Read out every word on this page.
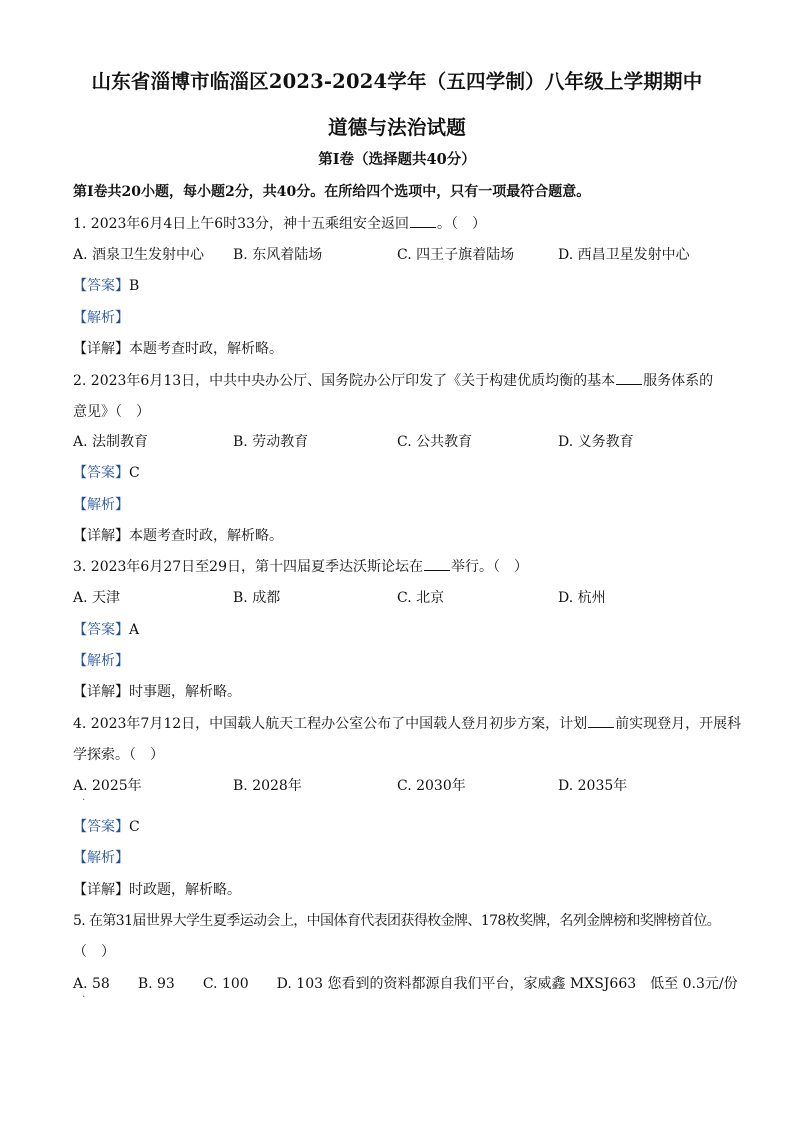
山东省淄博市临淄区2023-2024学年（五四学制）八年级上学期期中
道德与法治试题
第Ⅰ卷（选择题共40分）
第Ⅰ卷共20小题，每小题2分，共40分。在所给四个选项中，只有一项最符合题意。
1. 2023年6月4日上午6时33分，神十五乘组安全返回 。（　）
A. 酒泉卫生发射中心 B. 东风着陆场	C. 四王子旗着陆场	D. 西昌卫星发射中心
【答案】B
【解析】
【详解】本题考查时政，解析略。
2. 2023年6月13日，中共中央办公厅、国务院办公厅印发了《关于构建优质均衡的基本 服务体系的
意见》（　）
A. 法制教育	B. 劳动教育	C. 公共教育	D. 义务教育
【答案】C
【解析】
【详解】本题考查时政，解析略。
3. 2023年6月27日至29日，第十四届夏季达沃斯论坛在 举行。（　）
A. 天津	B. 成都	C. 北京	D. 杭州
【答案】A
【解析】
【详解】时事题，解析略。
4. 2023年7月12日，中国载人航天工程办公室公布了中国载人登月初步方案，计划 前实现登月，开展科
学探索。（　）
A. 2025年	B. 2028年	C. 2030年	D. 2035年
·
【答案】C
【解析】
【详解】时政题，解析略。
5. 在第31届世界大学生夏季运动会上，中国体育代表团获得枚金牌、178枚奖牌，名列金牌榜和奖牌榜首位。
（　）
A. 58　　B. 93　　C. 100　　D. 103 您看到的资料都源自我们平台，家威鑫 MXSJ663　低至 0.3元/份
·
